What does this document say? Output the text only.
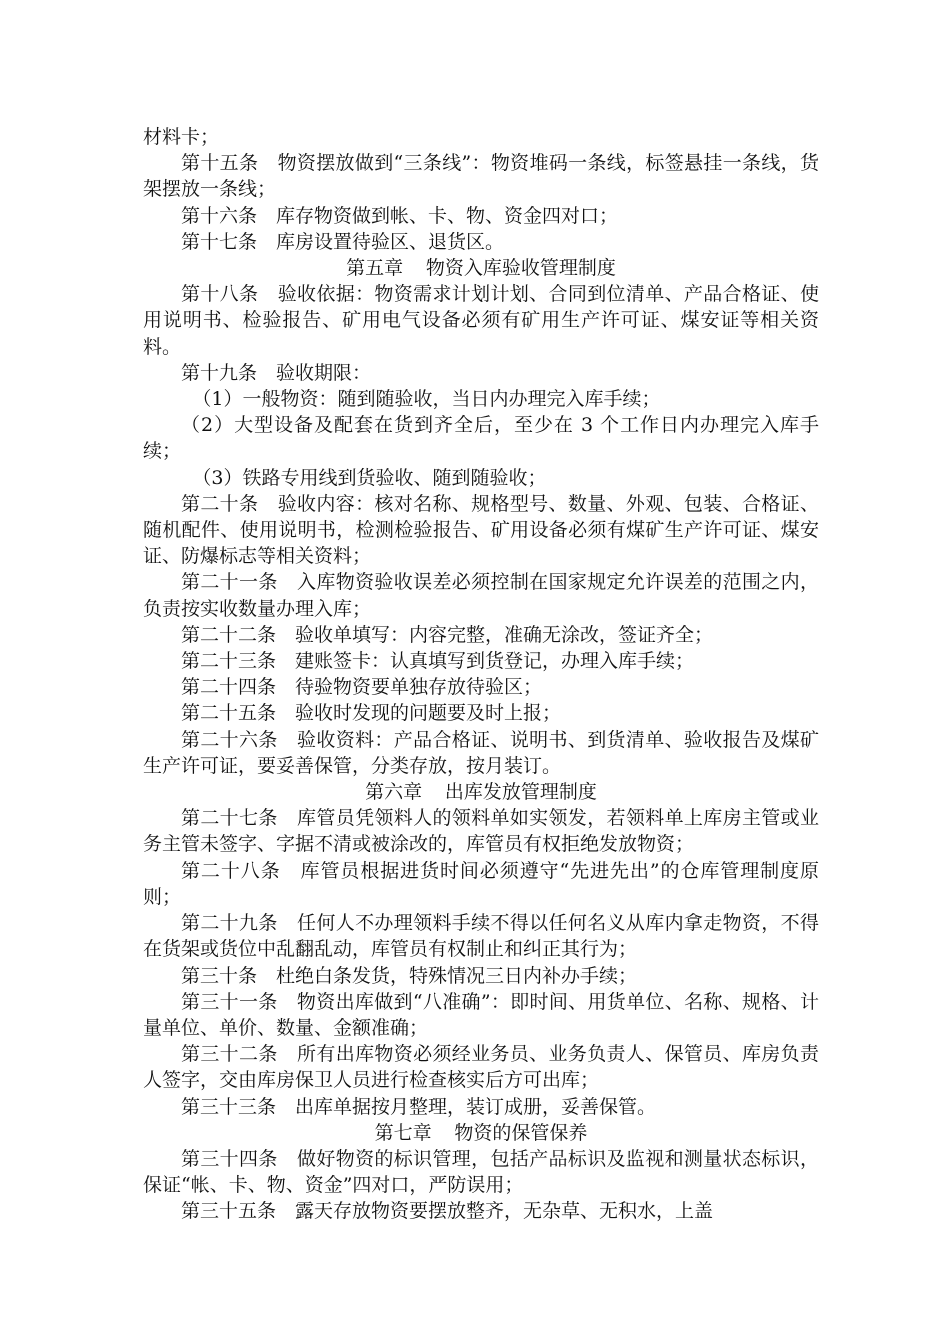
材料卡；

第十五条 物资摆放做到“三条线”：物资堆码一条线，标签悬挂一条线，货架摆放一条线；

第十六条 库存物资做到帐、卡、物、资金四对口；

第十七条 库房设置待验区、退货区。

第五章 物资入库验收管理制度

第十八条 验收依据：物资需求计划计划、合同到位清单、产品合格证、使用说明书、检验报告、矿用电气设备必须有矿用生产许可证、煤安证等相关资料。

第十九条 验收期限：

（1）一般物资：随到随验收，当日内办理完入库手续；

（2）大型设备及配套在货到齐全后，至少在 3 个工作日内办理完入库手续；

（3）铁路专用线到货验收、随到随验收；

第二十条 验收内容：核对名称、规格型号、数量、外观、包装、合格证、随机配件、使用说明书，检测检验报告、矿用设备必须有煤矿生产许可证、煤安证、防爆标志等相关资料；

第二十一条 入库物资验收误差必须控制在国家规定允许误差的范围之内，负责按实收数量办理入库；

第二十二条 验收单填写：内容完整，准确无涂改，签证齐全；

第二十三条 建账签卡：认真填写到货登记，办理入库手续；

第二十四条 待验物资要单独存放待验区；

第二十五条 验收时发现的问题要及时上报；

第二十六条 验收资料：产品合格证、说明书、到货清单、验收报告及煤矿生产许可证，要妥善保管，分类存放，按月装订。

第六章 出库发放管理制度

第二十七条 库管员凭领料人的领料单如实领发，若领料单上库房主管或业务主管未签字、字据不清或被涂改的，库管员有权拒绝发放物资；

第二十八条 库管员根据进货时间必须遵守“先进先出”的仓库管理制度原则；

第二十九条 任何人不办理领料手续不得以任何名义从库内拿走物资，不得在货架或货位中乱翻乱动，库管员有权制止和纠正其行为；

第三十条 杜绝白条发货，特殊情况三日内补办手续；

第三十一条 物资出库做到“八准确”：即时间、用货单位、名称、规格、计量单位、单价、数量、金额准确；

第三十二条 所有出库物资必须经业务员、业务负责人、保管员、库房负责人签字，交由库房保卫人员进行检查核实后方可出库；

第三十三条 出库单据按月整理，装订成册，妥善保管。

第七章 物资的保管保养

第三十四条 做好物资的标识管理，包括产品标识及监视和测量状态标识，保证“帐、卡、物、资金”四对口，严防误用；

第三十五条 露天存放物资要摆放整齐，无杂草、无积水，上盖
